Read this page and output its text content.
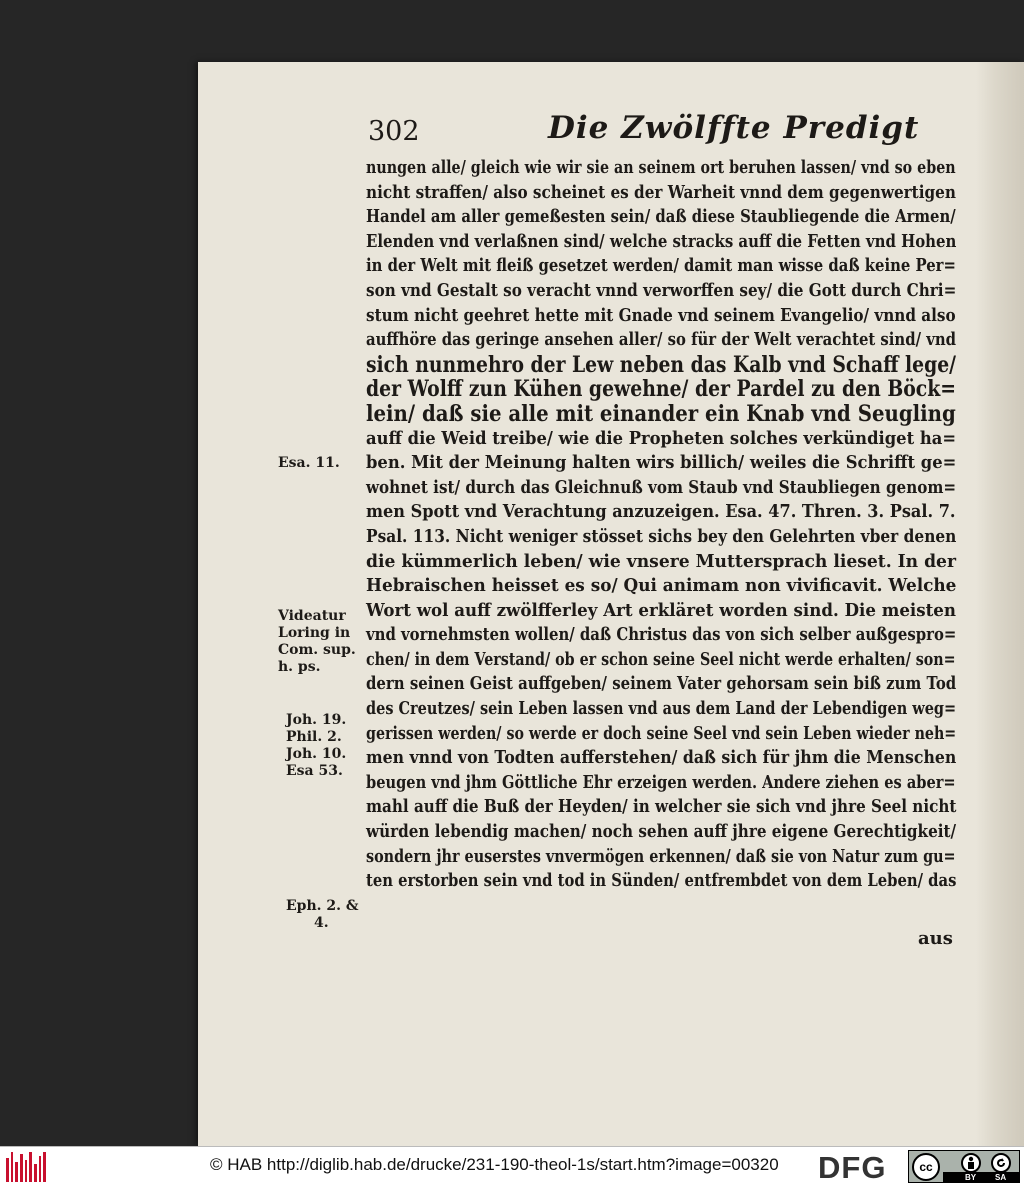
302	Die Zwölffte Predigt
nungen alle/ gleich wie wir sie an seinem ort beruhen lassen/ vnd so eben
nicht straffen/ also scheinet es der Warheit vnnd dem gegenwertigen
Handel am aller gemeßesten sein/ daß diese Staubliegende die Armen/
Elenden vnd verlaßnen sind/ welche stracks auff die Fetten vnd Hohen
in der Welt mit fleiß gesetzet werden/ damit man wisse daß keine Per=
son vnd Gestalt so veracht vnnd verworffen sey/ die Gott durch Chri=
stum nicht geehret hette mit Gnade vnd seinem Evangelio/ vnnd also
auffhöre das geringe ansehen aller/ so für der Welt verachtet sind/ vnd
sich nunmehro der Lew neben das Kalb vnd Schaff lege/
der Wolff zun Kühen gewehne/ der Pardel zu den Böck=
lein/ daß sie alle mit einander ein Knab vnd Seugling
auff die Weid treibe/ wie die Propheten solches verkündiget ha=
ben. Mit der Meinung halten wirs billich/ weiles die Schrifft ge=
wohnet ist/ durch das Gleichnuß vom Staub vnd Staubliegen genom=
men Spott vnd Verachtung anzuzeigen. Esa. 47. Thren. 3. Psal. 7.
Psal. 113. Nicht weniger stösset sichs bey den Gelehrten vber denen
die kümmerlich leben/ wie vnsere Muttersprach lieset. In der
Hebraischen heisset es so/ Qui animam non vivificavit. Welche
Wort wol auff zwölfferley Art erkläret worden sind. Die meisten
vnd vornehmsten wollen/ daß Christus das von sich selber außgespro=
chen/ in dem Verstand/ ob er schon seine Seel nicht werde erhalten/ son=
dern seinen Geist auffgeben/ seinem Vater gehorsam sein biß zum Tod
des Creutzes/ sein Leben lassen vnd aus dem Land der Lebendigen weg=
gerissen werden/ so werde er doch seine Seel vnd sein Leben wieder neh=
men vnnd von Todten aufferstehen/ daß sich für jhm die Menschen
beugen vnd jhm Göttliche Ehr erzeigen werden. Andere ziehen es aber=
mahl auff die Buß der Heyden/ in welcher sie sich vnd jhre Seel nicht
würden lebendig machen/ noch sehen auff jhre eigene Gerechtigkeit/
sondern jhr euserstes vnvermögen erkennen/ daß sie von Natur zum gu=
ten erstorben sein vnd tod in Sünden/ entfrembdet von dem Leben/ das
aus
Esa. 11.
Videatur
Loring in
Com. sup.
h. ps.
Joh. 19.
Phil. 2.
Joh. 10.
Esa 53.
Eph. 2. &
4.
© HAB http://diglib.hab.de/drucke/231-190-theol-1s/start.htm?image=00320 DFG	cc
BY SA
